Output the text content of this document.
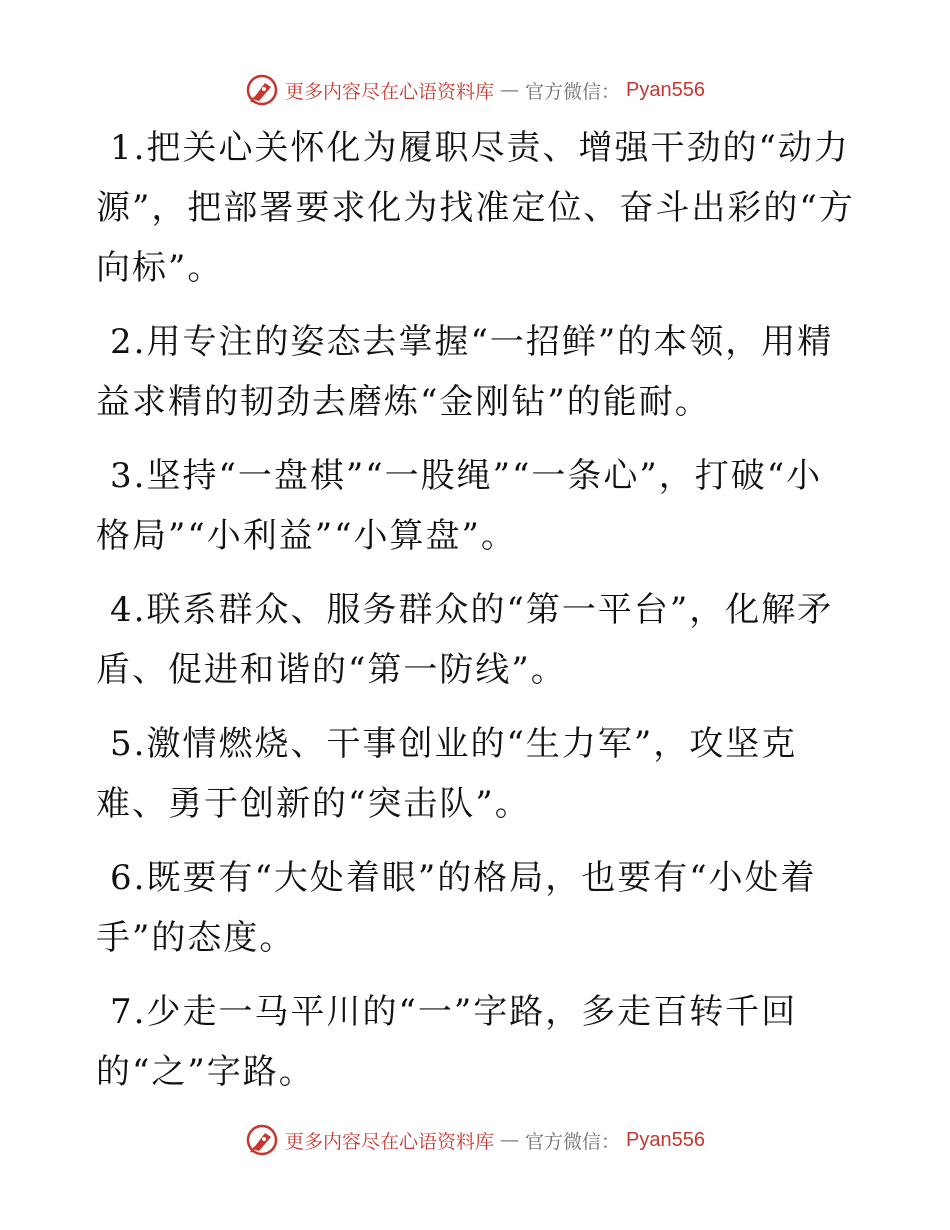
更多内容尽在心语资料库 — 官方微信： Pyan556

1.把关心关怀化为履职尽责、增强干劲的“动力源”，把部署要求化为找准定位、奋斗出彩的“方向标”。

2.用专注的姿态去掌握“一招鲜”的本领，用精益求精的韧劲去磨炼“金刚钻”的能耐。

3.坚持“一盘棋”“一股绳”“一条心”，打破“小格局”“小利益”“小算盘”。

4.联系群众、服务群众的“第一平台”，化解矛盾、促进和谐的“第一防线”。

5.激情燃烧、干事创业的“生力军”，攻坚克难、勇于创新的“突击队”。

6.既要有“大处着眼”的格局，也要有“小处着手”的态度。

7.少走一马平川的“一”字路，多走百转千回的“之”字路。

更多内容尽在心语资料库 — 官方微信： Pyan556
